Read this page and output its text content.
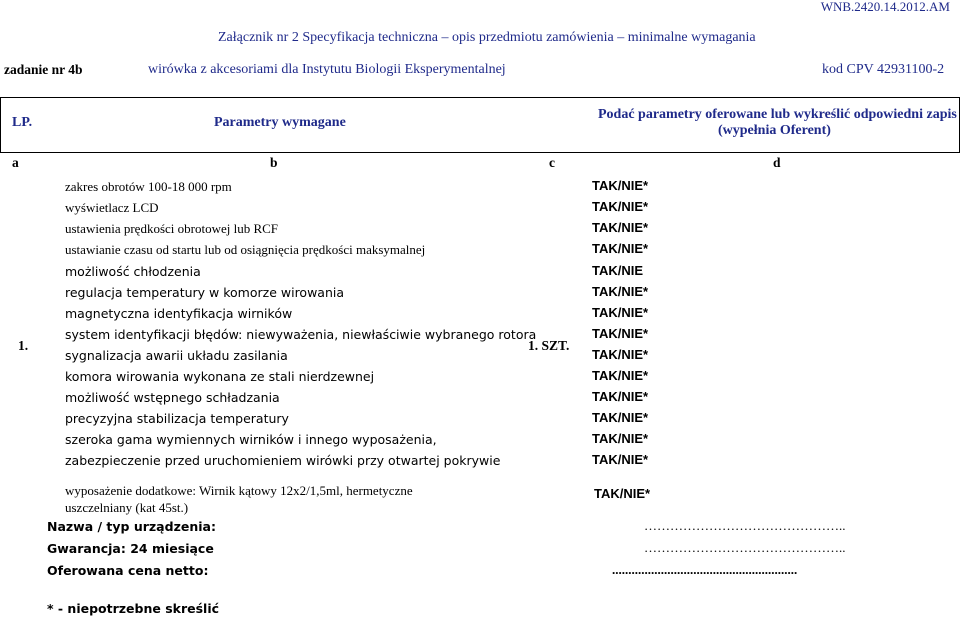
WNB.2420.14.2012.AM
Załącznik nr 2 Specyfikacja techniczna – opis przedmiotu zamówienia – minimalne wymagania
zadanie nr 4b	wirówka z akcesoriami dla Instytutu Biologii Eksperymentalnej	kod CPV 42931100-2
LP.	Parametry wymagane
Podać parametry oferowane lub wykreślić odpowiedni zapis
(wypełnia Oferent)
a	b	c	d
1.	1. SZT.
zakres obrotów 100-18 000 rpm	TAK/NIE*
wyświetlacz LCD	TAK/NIE*
ustawienia prędkości obrotowej lub RCF	TAK/NIE*
ustawianie czasu od startu lub od osiągnięcia prędkości maksymalnej	TAK/NIE*
możliwość chłodzenia	TAK/NIE
regulacja temperatury w komorze wirowania	TAK/NIE*
magnetyczna identyfikacja wirników	TAK/NIE*
system identyfikacji błędów: niewyważenia, niewłaściwie wybranego rotora	TAK/NIE*
sygnalizacja awarii układu zasilania	TAK/NIE*
komora wirowania wykonana ze stali nierdzewnej	TAK/NIE*
możliwość wstępnego schładzania	TAK/NIE*
precyzyjna stabilizacja temperatury	TAK/NIE*
szeroka gama wymiennych wirników i innego wyposażenia,	TAK/NIE*
zabezpieczenie przed uruchomieniem wirówki przy otwartej pokrywie	TAK/NIE*
wyposażenie dodatkowe: Wirnik kątowy 12x2/1,5ml, hermetyczne
uszczelniany (kat 45st.)
TAK/NIE*
Nazwa / typ urządzenia:	………………………………………..
Gwarancja: 24 miesiące	………………………………………..
Oferowana cena netto:	.........................................................
* - niepotrzebne skreślić
